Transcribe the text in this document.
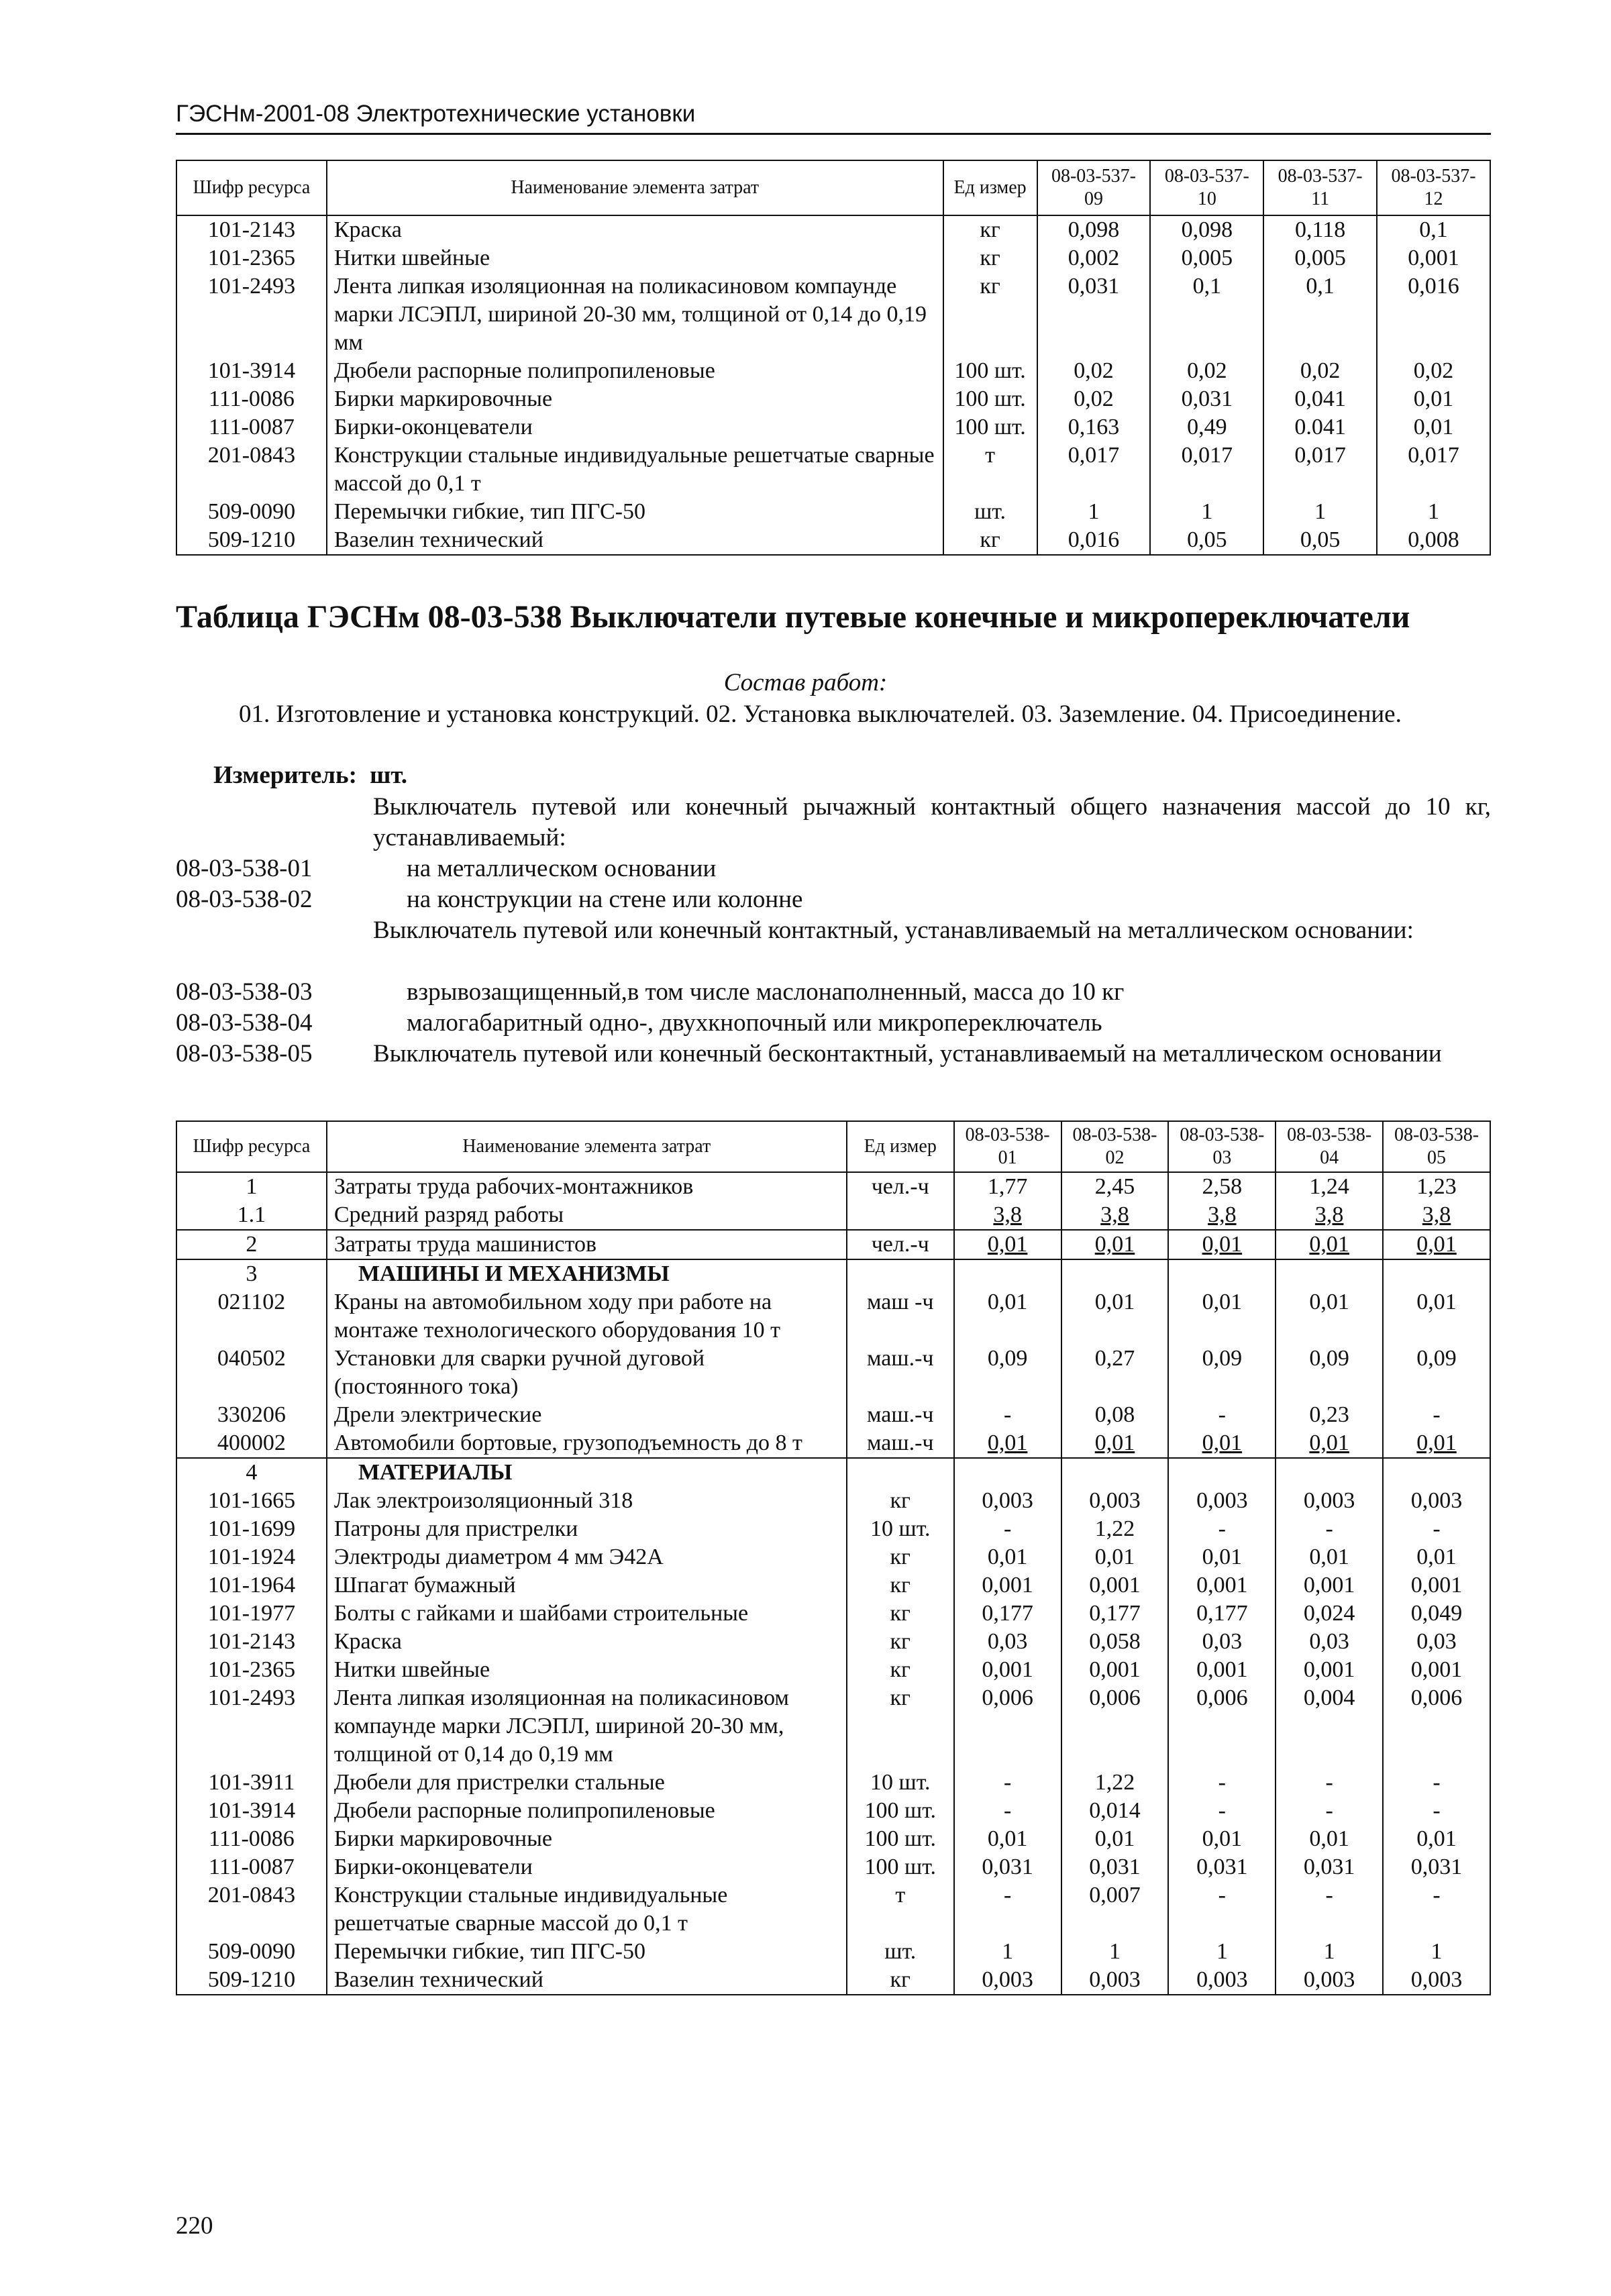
ГЭСНм-2001-08 Электротехнические установки
Шифр ресурса	Наименование элемента затрат	Ед измер	08-03-537-09	08-03-537-10	08-03-537-11	08-03-537-12
101-2143	Краска	кг	0,098	0,098	0,118	0,1
101-2365	Нитки швейные	кг	0,002	0,005	0,005	0,001
101-2493	Лента липкая изоляционная на поликасиновом компаунде марки ЛСЭПЛ, шириной 20-30 мм, толщиной от 0,14 до 0,19 мм	кг	0,031	0,1	0,1	0,016
101-3914	Дюбели распорные полипропиленовые	100 шт.	0,02	0,02	0,02	0,02
111-0086	Бирки маркировочные	100 шт.	0,02	0,031	0,041	0,01
111-0087	Бирки-оконцеватели	100 шт.	0,163	0,49	0.041	0,01
201-0843	Конструкции стальные индивидуальные решетчатые сварные массой до 0,1 т	т	0,017	0,017	0,017	0,017
509-0090	Перемычки гибкие, тип ПГС-50	шт.	1	1	1	1
509-1210	Вазелин технический	кг	0,016	0,05	0,05	0,008
Таблица ГЭСНм 08-03-538 Выключатели путевые конечные и микропереключатели
Состав работ:
01. Изготовление и установка конструкций. 02. Установка выключателей. 03. Заземление. 04. Присоединение.
Измеритель: шт.
Выключатель путевой или конечный рычажный контактный общего назначения массой до 10 кг, устанавливаемый:
08-03-538-01	на металлическом основании
08-03-538-02	на конструкции на стене или колонне
Выключатель путевой или конечный контактный, устанавливаемый на металлическом основании:
08-03-538-03	взрывозащищенный,в том числе маслонаполненный, масса до 10 кг
08-03-538-04	малогабаритный одно-, двухкнопочный или микропереключатель
08-03-538-05 Выключатель путевой или конечный бесконтактный, устанавливаемый на металлическом основании
Шифр ресурса	Наименование элемента затрат	Ед измер	08-03-538-01	08-03-538-02	08-03-538-03	08-03-538-04	08-03-538-05
1	Затраты труда рабочих-монтажников	чел.-ч	1,77	2,45	2,58	1,24	1,23
1.1	Средний разряд работы		3,8	3,8	3,8	3,8	3,8
2	Затраты труда машинистов	чел.-ч	0,01	0,01	0,01	0,01	0,01
3	МАШИНЫ И МЕХАНИЗМЫ						
021102	Краны на автомобильном ходу при работе на монтаже технологического оборудования 10 т	маш -ч	0,01	0,01	0,01	0,01	0,01
040502	Установки для сварки ручной дуговой (постоянного тока)	маш.-ч	0,09	0,27	0,09	0,09	0,09
330206	Дрели электрические	маш.-ч	-	0,08	-	0,23	-
400002	Автомобили бортовые, грузоподъемность до 8 т	маш.-ч	0,01	0,01	0,01	0,01	0,01
4	МАТЕРИАЛЫ						
101-1665	Лак электроизоляционный 318	кг	0,003	0,003	0,003	0,003	0,003
101-1699	Патроны для пристрелки	10 шт.	-	1,22	-	-	-
101-1924	Электроды диаметром 4 мм Э42А	кг	0,01	0,01	0,01	0,01	0,01
101-1964	Шпагат бумажный	кг	0,001	0,001	0,001	0,001	0,001
101-1977	Болты с гайками и шайбами строительные	кг	0,177	0,177	0,177	0,024	0,049
101-2143	Краска	кг	0,03	0,058	0,03	0,03	0,03
101-2365	Нитки швейные	кг	0,001	0,001	0,001	0,001	0,001
101-2493	Лента липкая изоляционная на поликасиновом компаунде марки ЛСЭПЛ, шириной 20-30 мм, толщиной от 0,14 до 0,19 мм	кг	0,006	0,006	0,006	0,004	0,006
101-3911	Дюбели для пристрелки стальные	10 шт.	-	1,22	-	-	-
101-3914	Дюбели распорные полипропиленовые	100 шт.	-	0,014	-	-	-
111-0086	Бирки маркировочные	100 шт.	0,01	0,01	0,01	0,01	0,01
111-0087	Бирки-оконцеватели	100 шт.	0,031	0,031	0,031	0,031	0,031
201-0843	Конструкции стальные индивидуальные решетчатые сварные массой до 0,1 т	т	-	0,007	-	-	-
509-0090	Перемычки гибкие, тип ПГС-50	шт.	1	1	1	1	1
509-1210	Вазелин технический	кг	0,003	0,003	0,003	0,003	0,003
220
